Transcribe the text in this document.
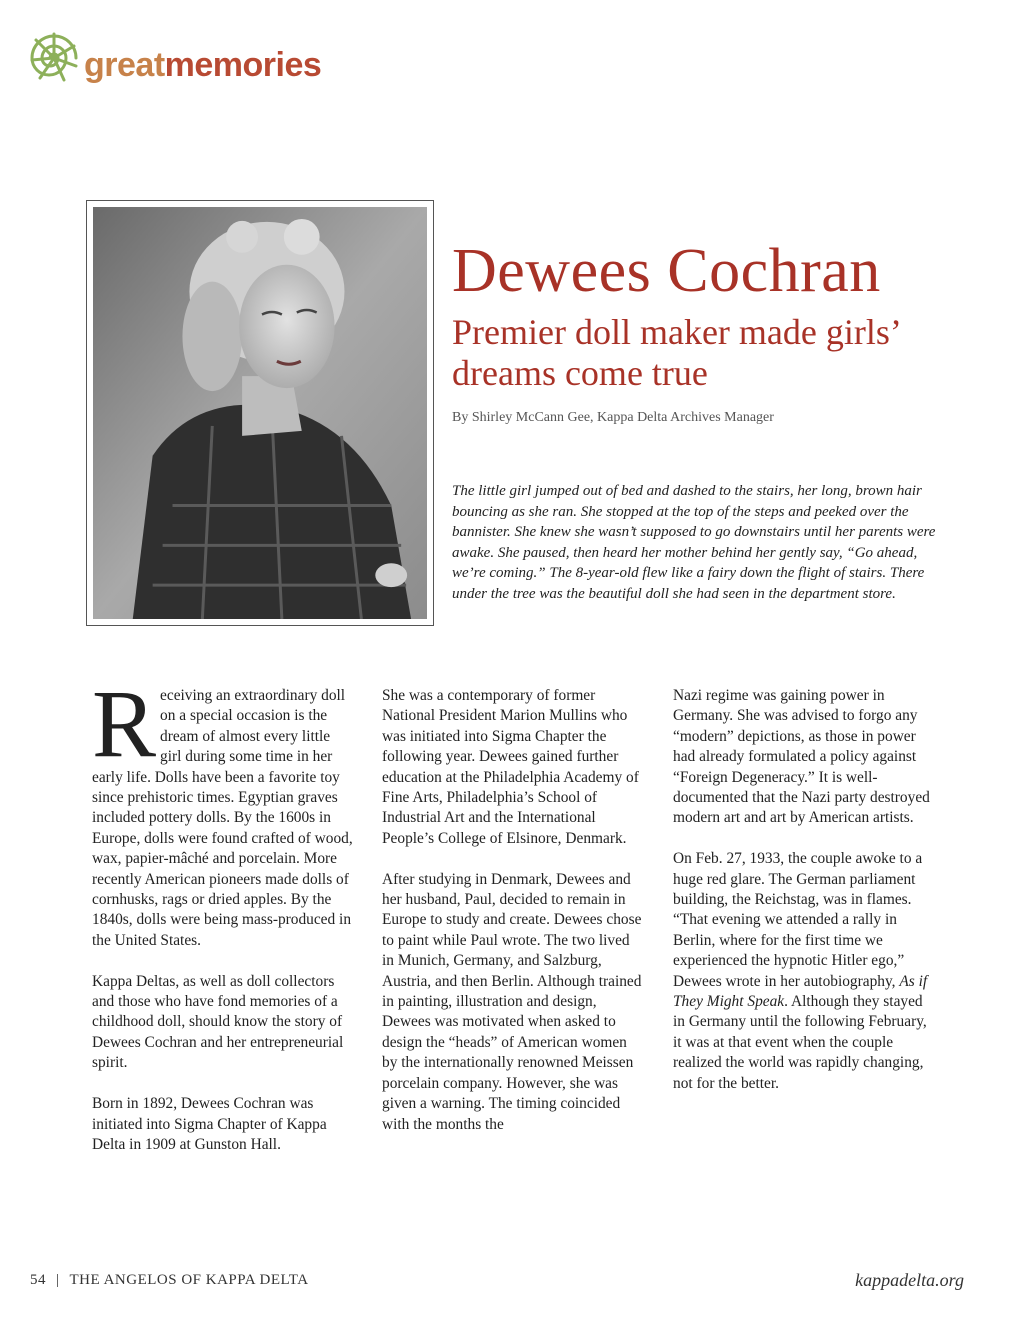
greatmemories
Dewees Cochran
Premier doll maker made girls’ dreams come true
By Shirley McCann Gee, Kappa Delta Archives Manager

The little girl jumped out of bed and dashed to the stairs, her long, brown hair bouncing as she ran. She stopped at the top of the steps and peeked over the bannister. She knew she wasn’t supposed to go downstairs until her parents were awake. She paused, then heard her mother behind her gently say, “Go ahead, we’re coming.” The 8-year-old flew like a fairy down the flight of stairs. There under the tree was the beautiful doll she had seen in the department store.

Receiving an extraordinary doll on a special occasion is the dream of almost every little girl during some time in her early life. Dolls have been a favorite toy since prehistoric times. Egyptian graves included pottery dolls. By the 1600s in Europe, dolls were found crafted of wood, wax, papier-mâché and porcelain. More recently American pioneers made dolls of cornhusks, rags or dried apples. By the 1840s, dolls were being mass-produced in the United States.

Kappa Deltas, as well as doll collectors and those who have fond memories of a childhood doll, should know the story of Dewees Cochran and her entrepreneurial spirit.

Born in 1892, Dewees Cochran was initiated into Sigma Chapter of Kappa Delta in 1909 at Gunston Hall.

She was a contemporary of former National President Marion Mullins who was initiated into Sigma Chapter the following year. Dewees gained further education at the Philadelphia Academy of Fine Arts, Philadelphia’s School of Industrial Art and the International People’s College of Elsinore, Denmark.

After studying in Denmark, Dewees and her husband, Paul, decided to remain in Europe to study and create. Dewees chose to paint while Paul wrote. The two lived in Munich, Germany, and Salzburg, Austria, and then Berlin. Although trained in painting, illustration and design, Dewees was motivated when asked to design the “heads” of American women by the internationally renowned Meissen porcelain company. However, she was given a warning. The timing coincided with the months the

Nazi regime was gaining power in Germany. She was advised to forgo any “modern” depictions, as those in power had already formulated a policy against “Foreign Degeneracy.” It is well-documented that the Nazi party destroyed modern art and art by American artists.

On Feb. 27, 1933, the couple awoke to a huge red glare. The German parliament building, the Reichstag, was in flames. “That evening we attended a rally in Berlin, where for the first time we experienced the hypnotic Hitler ego,” Dewees wrote in her autobiography, As if They Might Speak. Although they stayed in Germany until the following February, it was at that event when the couple realized the world was rapidly changing, not for the better.

54 | THE ANGELOS OF KAPPA DELTA	kappadelta.org
